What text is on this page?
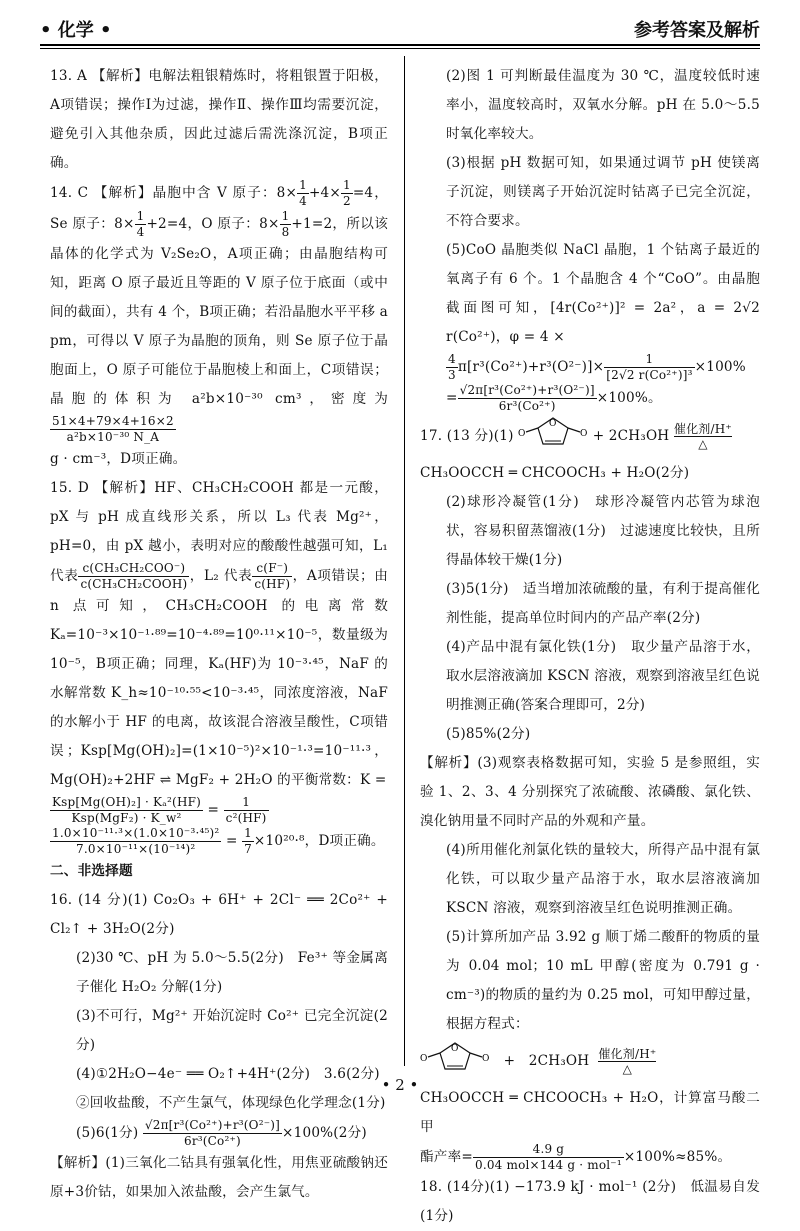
• 化学 •	参考答案及解析

13. A 【解析】电解法粗银精炼时，将粗银置于阳极，A项错误；操作Ⅰ为过滤，操作Ⅱ、操作Ⅲ均需要沉淀，避免引入其他杂质，因此过滤后需洗涤沉淀，B项正确。

14. C 【解析】晶胞中含 V 原子：$8\times \frac{1}{4} +4\times \frac{1}{2} =4$，Se 原子：$8\times \frac{1}{4} +2=4$，O 原子：$8\times \frac{1}{8} +1=2$，所以该晶体的化学式为 V₂Se₂O，A项正确；由晶胞结构可知，距离 O 原子最近且等距的 V 原子位于底面（或中间的截面），共有 4 个，B项正确；若沿晶胞水平平移 a pm，可得以 V 原子为晶胞的顶角，则 Se 原子位于晶胞面上，O 原子可能位于晶胞棱上和面上，C项错误；晶胞的体积为 a²b×10⁻³⁰ cm³，密度为
$\frac{51\times 4+79\times 4+16\times 2}{\text{a²b×10⁻³⁰ N\_A}}$

g · cm⁻³，D项正确。

15. D 【解析】HF、CH₃CH₂COOH 都是一元酸，pX 与 pH 成直线形关系，所以 L₃ 代表 Mg²⁺，pH=0，由 pX 越小，表明对应的酸酸性越强可知，L₁ 代表 $\frac{\text{c(CH₃CH₂COO⁻)}}{\text{c(CH₃CH₂COOH)}}$ ，L₂ 代表 $\frac{c(F^-)}{c(HF)}$ ，A项错误；由 n 点可知，CH₃CH₂COOH 的电离常数 Kₐ=10⁻³×10⁻¹·⁸⁹=10⁻⁴·⁸⁹=10⁰·¹¹×10⁻⁵，数量级为 10⁻⁵，B项正确；同理，Kₐ(HF)为 10⁻³·⁴⁵，NaF 的水解常数 K_h≈10⁻¹⁰·⁵⁵<10⁻³·⁴⁵，同浓度溶液，NaF 的水解小于 HF 的电离，故该混合溶液呈酸性，C项错误；Ksp[Mg(OH)₂]=(1×10⁻⁵)²×10⁻¹·³=10⁻¹¹·³，Mg(OH)₂+2HF ⇌ MgF₂ + 2H₂O 的平衡常数：K =

$\frac{\text{Ksp[Mg(OH)₂] · Kₐ²(HF)}}{\text{Ksp(MgF₂) · K\_w²}} = \frac{1}{\text{c²(HF)}}$

$\frac{\text{1.0×10⁻¹¹·³×(1.0×10⁻³·⁴⁵)²}}{\text{7.0×10⁻¹¹×(10⁻¹⁴)²}} = \frac{1}{7} \times 10^{20}\cdot^8$，D项正确。

二、非选择题

16. (14 分)(1) Co₂O₃ + 6H⁺ + 2Cl⁻ ══ 2Co²⁺ + Cl₂↑ + 3H₂O(2分)

(2)30 ℃、pH 为 5.0～5.5(2分)　Fe³⁺ 等金属离子催化 H₂O₂ 分解(1分)

(3)不可行，Mg²⁺ 开始沉淀时 Co²⁺ 已完全沉淀(2分)

(4)①2H₂O−4e⁻ ══ O₂↑+4H⁺(2分)　3.6(2分)

②回收盐酸，不产生氯气，体现绿色化学理念(1分)

(5)6(1分) $\frac{\text{√2π[r³(Co²⁺)+r³(O²⁻)]}}{\text{6r³(Co²⁺)}} \times 100\%(2$分)

【解析】(1)三氧化二钴具有强氧化性，用焦亚硫酸钠还原+3价钴，如果加入浓盐酸，会产生氯气。

(2)图 1 可判断最佳温度为 30 ℃，温度较低时速率小，温度较高时，双氧水分解。pH 在 5.0～5.5 时氧化率较大。

(3)根据 pH 数据可知，如果通过调节 pH 使镁离子沉淀，则镁离子开始沉淀时钴离子已完全沉淀，不符合要求。

(5)CoO 晶胞类似 NaCl 晶胞，1 个钴离子最近的氧离子有 6 个。1 个晶胞含 4 个“CoO”。由晶胞截面图可知，[4r(Co²⁺)]² = 2a²，a = 2√2 r(Co²⁺)，φ = 4 ×

$\frac{4}{3} \pi[r^3(Co^{2+})+r^3(O^{2-})]\times \frac{1}{\text{[2√2 r(Co²⁺)]³}} \times 100\%$
= $\frac{\text{√2π[r³(Co²⁺)+r³(O²⁻)]}}{\text{6r³(Co²⁺)}} \times 100\%$。

17. (13 分)(1)
O
O	O + 2CH₃OH 催化剂/H⁺
△

CH₃OOCCH ═ CHCOOCH₃ + H₂O(2分)

(2)球形冷凝管(1分)　球形冷凝管内芯管为球泡状，容易积留蒸馏液(1分)　过滤速度比较快，且所得晶体较干燥(1分)

(3)5(1分)　适当增加浓硫酸的量，有利于提高催化剂性能，提高单位时间内的产品产率(2分)

(4)产品中混有氯化铁(1分)　取少量产品溶于水，取水层溶液滴加 KSCN 溶液，观察到溶液呈红色说明推测正确(答案合理即可，2分)

(5)85%(2分)

【解析】(3)观察表格数据可知，实验 5 是参照组，实验 1、2、3、4 分别探究了浓硫酸、浓磷酸、氯化铁、溴化钠用量不同时产品的外观和产量。

(4)所用催化剂氯化铁的量较大，所得产品中混有氯化铁，可以取少量产品溶于水，取水层溶液滴加 KSCN 溶液，观察到溶液呈红色说明推测正确。

(5)计算所加产品 3.92 g 顺丁烯二酸酐的物质的量为 0.04 mol；10 mL 甲醇(密度为 0.791 g · cm⁻³)的物质的量约为 0.25 mol，可知甲醇过量，根据方程式：

O
O	O + 2CH₃OH 催化剂/H⁺
△

CH₃OOCCH ═ CHCOOCH₃ + H₂O，计算富马酸二甲

酯产率= $\frac{4.9 g}{\text{0.04 mol×144 g · mol⁻¹}} \times 100\%\approx 85\%$。

18. (14分)(1) −173.9 kJ · mol⁻¹ (2分)　低温易自发(1分)

• 2 •
